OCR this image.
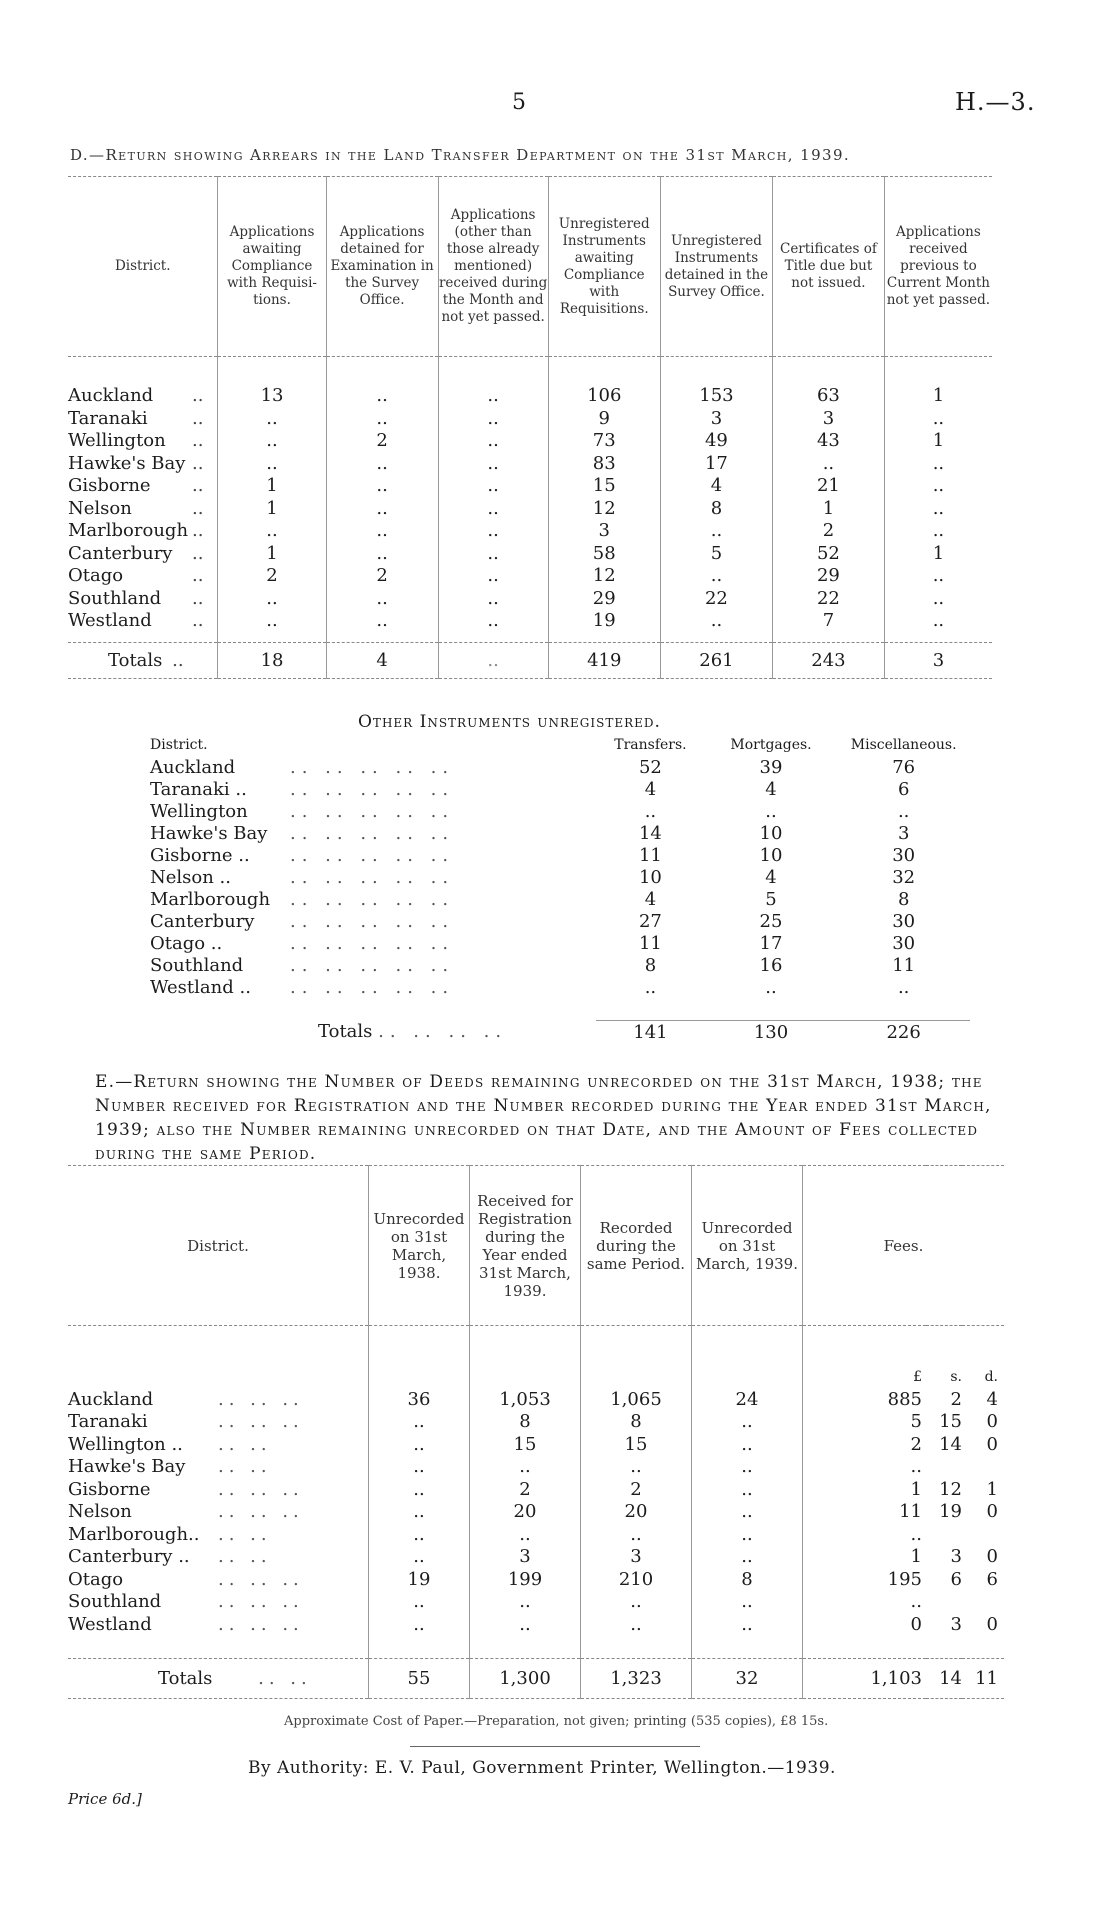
5	H.—3.
D.—Return showing Arrears in the Land Transfer Department on the 31st March, 1939.
District.	Applications awaiting Compliance with Requisi-tions.	Applications detained for Examination in the Survey Office.	Applications (other than those already mentioned) received during the Month and not yet passed.	Unregistered Instruments awaiting Compliance with Requisitions.	Unregistered Instruments detained in the Survey Office.	Certificates of Title due but not issued.	Applications received previous to Current Month not yet passed.

Auckland ..	13	..	..	106	153	63	1
Taranaki ..	..	..	..	9	3	3	..
Wellington ..	..	2	..	73	49	43	1
Hawke's Bay ..	..	..	..	83	17	..	..
Gisborne ..	1	..	..	15	4	21	..
Nelson ..	1	..	..	12	8	1	..
Marlborough ..	..	..	..	3	..	2	..
Canterbury ..	1	..	..	58	5	52	1
Otago ..	2	2	..	12	..	29	..
Southland ..	..	..	..	29	22	22	..
Westland ..	..	..	..	19	..	7	..

Totals ..	18	4	..	419	261	243	3
Other Instruments unregistered.
District.	Transfers.	Mortgages.	Miscellaneous.
Auckland .. .. .. .. ..	52	39	76
Taranaki .. .. .. .. .. ..	4	4	6
Wellington .. .. .. .. ..	..	..	..
Hawke's Bay .. .. .. .. ..	14	10	3
Gisborne .. .. .. .. .. ..	11	10	30
Nelson .. .. .. .. .. ..	10	4	32
Marlborough .. .. .. .. ..	4	5	8
Canterbury .. .. .. .. ..	27	25	30
Otago .. .. .. .. .. ..	11	17	30
Southland .. .. .. .. ..	8	16	11
Westland .. .. .. .. .. ..	..	..	..

Totals .. .. .. ..	141	130	226
E.—Return showing the Number of Deeds remaining unrecorded on the 31st March, 1938; the Number received for Registration and the Number recorded during the Year ended 31st March, 1939; also the Number remaining unrecorded on that Date, and the Amount of Fees collected during the same Period.
District.	Unrecorded on 31st March, 1938.	Received for Registration during the Year ended 31st March, 1939.	Recorded during the same Period.	Unrecorded on 31st March, 1939.	Fees.		

					£	s.	d.
Auckland .. .. ..	36	1,053	1,065	24	885	2	4
Taranaki .. .. ..	..	8	8	..	5	15	0
Wellington .. .. ..	..	15	15	..	2	14	0
Hawke's Bay .. ..	..	..	..	..	..		
Gisborne .. .. ..	..	2	2	..	1	12	1
Nelson .. .. ..	..	20	20	..	11	19	0
Marlborough.. .. ..	..	..	..	..	..		
Canterbury .. .. ..	..	3	3	..	1	3	0
Otago .. .. ..	19	199	210	8	195	6	6
Southland .. .. ..	..	..	..	..	..		
Westland .. .. ..	..	..	..	..	0	3	0

Totals .. ..	55	1,300	1,323	32	1,103	14	11
Approximate Cost of Paper.—Preparation, not given; printing (535 copies), £8 15s.
By Authority: E. V. Paul, Government Printer, Wellington.—1939.
Price 6d.]
